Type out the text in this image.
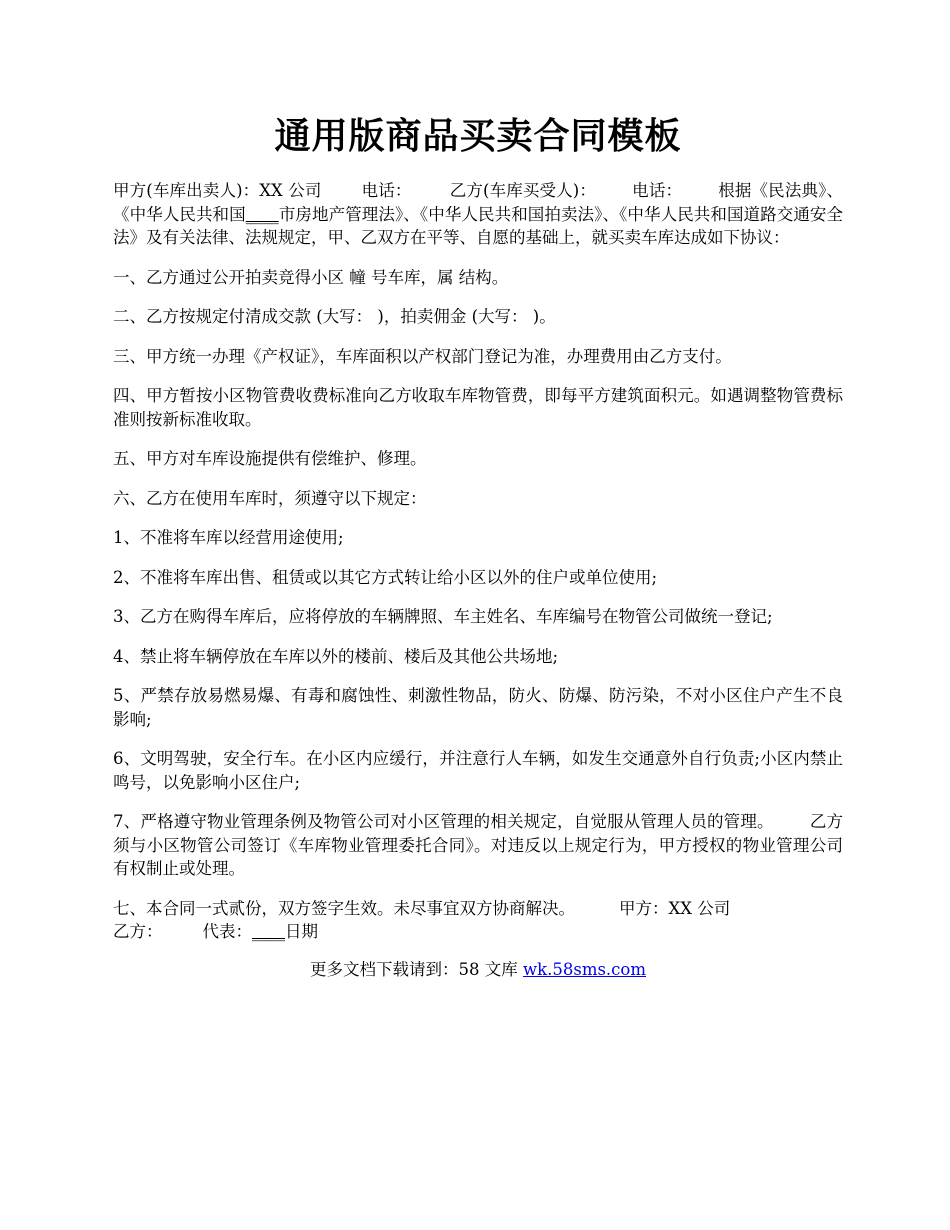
通用版商品买卖合同模板

甲方(车库出卖人)：XX 公司 电话： 乙方(车库买受人)： 电话： 根据《民法典》、《中华人民共和国____市房地产管理法》、《中华人民共和国拍卖法》、《中华人民共和国道路交通安全法》及有关法律、法规规定，甲、乙双方在平等、自愿的基础上，就买卖车库达成如下协议：

一、乙方通过公开拍卖竞得小区 幢 号车库，属 结构。

二、乙方按规定付清成交款 (大写： )，拍卖佣金 (大写： )。

三、甲方统一办理《产权证》，车库面积以产权部门登记为准，办理费用由乙方支付。

四、甲方暂按小区物管费收费标准向乙方收取车库物管费，即每平方建筑面积元。如遇调整物管费标准则按新标准收取。

五、甲方对车库设施提供有偿维护、修理。

六、乙方在使用车库时，须遵守以下规定：

1、不准将车库以经营用途使用;

2、不准将车库出售、租赁或以其它方式转让给小区以外的住户或单位使用;

3、乙方在购得车库后，应将停放的车辆牌照、车主姓名、车库编号在物管公司做统一登记;

4、禁止将车辆停放在车库以外的楼前、楼后及其他公共场地;

5、严禁存放易燃易爆、有毒和腐蚀性、刺激性物品，防火、防爆、防污染，不对小区住户产生不良影响;

6、文明驾驶，安全行车。在小区内应缓行，并注意行人车辆，如发生交通意外自行负责;小区内禁止鸣号，以免影响小区住户;

7、严格遵守物业管理条例及物管公司对小区管理的相关规定，自觉服从管理人员的管理。 乙方须与小区物管公司签订《车库物业管理委托合同》。对违反以上规定行为，甲方授权的物业管理公司有权制止或处理。

七、本合同一式贰份，双方签字生效。未尽事宜双方协商解决。	甲方：XX 公司
乙方： 代表：____日期

更多文档下载请到：58 文库 wk.58sms.com
